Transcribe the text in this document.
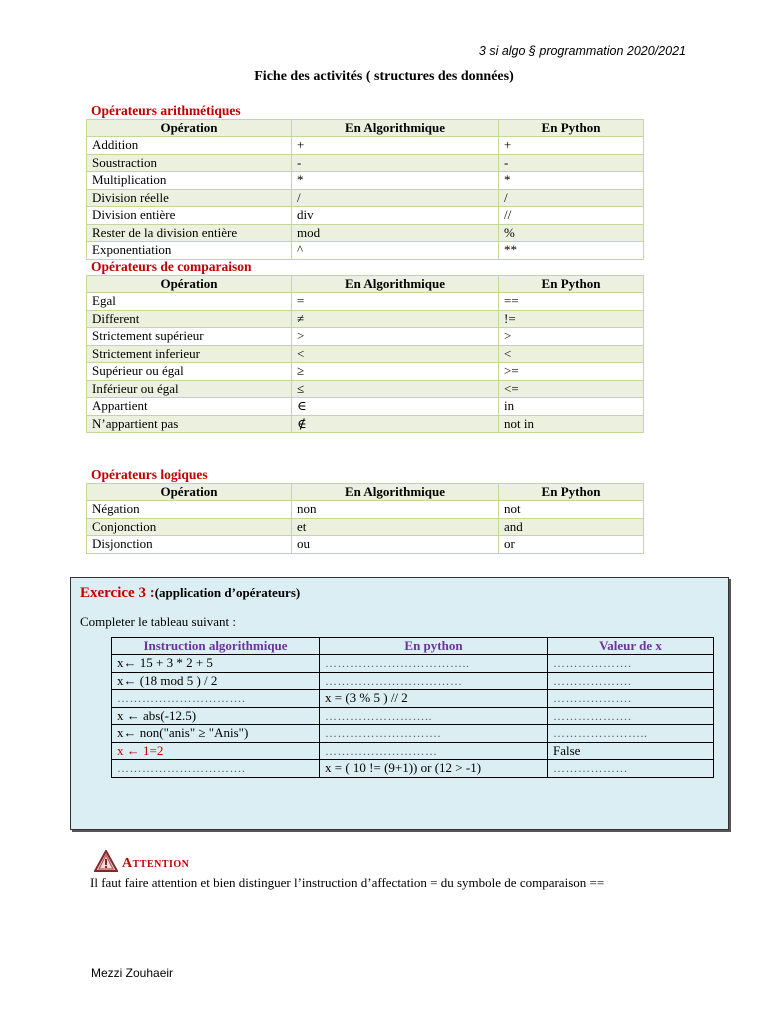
3 si algo § programmation 2020/2021
Fiche des activités ( structures des données)
Opérateurs arithmétiques
Opération	En Algorithmique	En Python
Addition	+	+
Soustraction	-	-
Multiplication	*	*
Division réelle	/	/
Division entière	div	//
Rester de la division entière	mod	%
Exponentiation	^	**
Opérateurs de comparaison
Opération	En Algorithmique	En Python
Egal	=	==
Different	≠	!=
Strictement supérieur	>	>
Strictement inferieur	<	<
Supérieur ou égal	≥	>=
Inférieur ou égal	≤	<=
Appartient	∈	in
N’appartient pas	∉	not in
Opérateurs logiques
Opération	En Algorithmique	En Python
Négation	non	not
Conjonction	et	and
Disjonction	ou	or
Exercice 3 :(application d’opérateurs)
Completer le tableau suivant :
Instruction algorithmique	En python	Valeur de x
x← 15 + 3 * 2 + 5	……………………………..	……………….
x← (18 mod 5 ) / 2	……………………………	……………….
………………………….	x = (3 % 5 ) // 2	……………….
x ← abs(-12.5)	……………………..	……………….
x← non("anis" ≥ "Anis")	……………………….	…………………..
x ← 1=2	………………………	False
………………………….	x = ( 10 != (9+1)) or (12 > -1)	………………
Attention
Il faut faire attention et bien distinguer l’instruction d’affectation = du symbole de comparaison ==
Mezzi Zouhaeir
